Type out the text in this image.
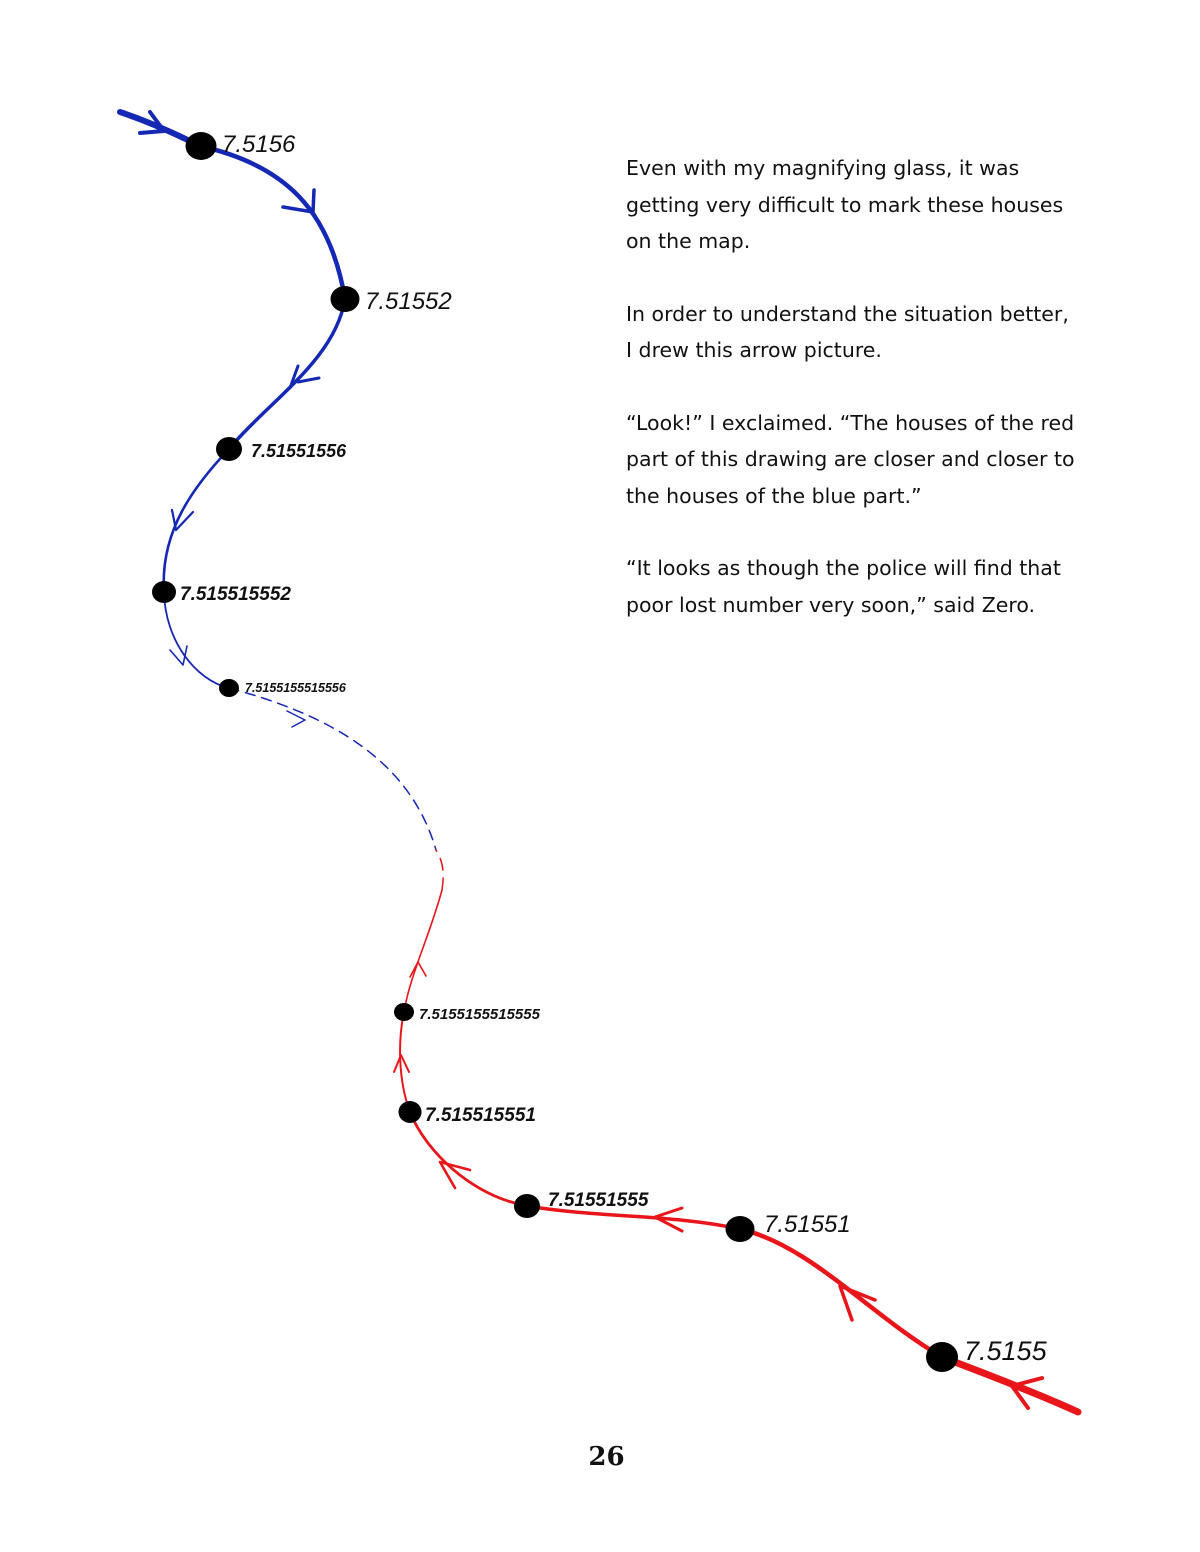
7.5156
7.51552
7.51551556
7.515515552
7.5155155515556
7.5155155515555
7.515515551
7.51551555
7.51551
7.5155

Even with my magnifying glass, it was getting very difficult to mark these houses on the map.

In order to understand the situation better, I drew this arrow picture.

“Look!” I exclaimed. “The houses of the red part of this drawing are closer and closer to the houses of the blue part.”

“It looks as though the police will find that poor lost number very soon,” said Zero.

26
